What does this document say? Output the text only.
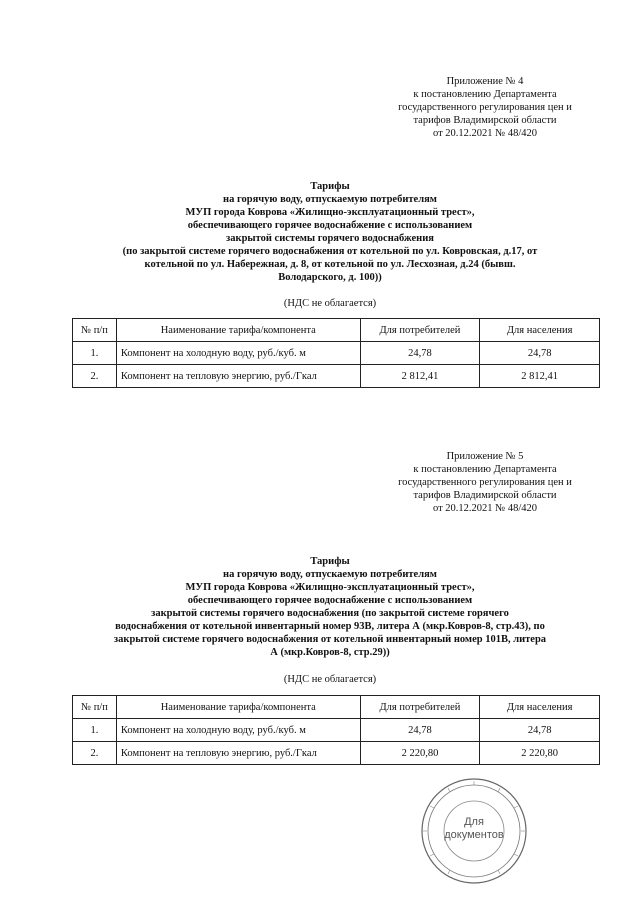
Приложение № 4
к постановлению Департамента
государственного регулирования цен и
тарифов Владимирской области
от 20.12.2021 № 48/420
Тарифы
на горячую воду, отпускаемую потребителям
МУП города Коврова «Жилищно-эксплуатационный трест»,
обеспечивающего горячее водоснабжение с использованием
закрытой системы горячего водоснабжения
(по закрытой системе горячего водоснабжения от котельной по ул. Ковровская, д.17, от
котельной по ул. Набережная, д. 8, от котельной по ул. Лесхозная, д.24 (бывш.
Володарского, д. 100))
(НДС не облагается)
№ п/п	Наименование тарифа/компонента	Для потребителей	Для населения
1.	Компонент на холодную воду, руб./куб. м	24,78	24,78
2.	Компонент на тепловую энергию, руб./Гкал	2 812,41	2 812,41
Приложение № 5
к постановлению Департамента
государственного регулирования цен и
тарифов Владимирской области
от 20.12.2021 № 48/420
Тарифы
на горячую воду, отпускаемую потребителям
МУП города Коврова «Жилищно-эксплуатационный трест»,
обеспечивающего горячее водоснабжение с использованием
закрытой системы горячего водоснабжения (по закрытой системе горячего
водоснабжения от котельной инвентарный номер 93В, литера А (мкр.Ковров-8, стр.43), по
закрытой системе горячего водоснабжения от котельной инвентарный номер 101В, литера
А (мкр.Ковров-8, стр.29))
(НДС не облагается)
№ п/п	Наименование тарифа/компонента	Для потребителей	Для населения
1.	Компонент на холодную воду, руб./куб. м	24,78	24,78
2.	Компонент на тепловую энергию, руб./Гкал	2 220,80	2 220,80
Для
документов
